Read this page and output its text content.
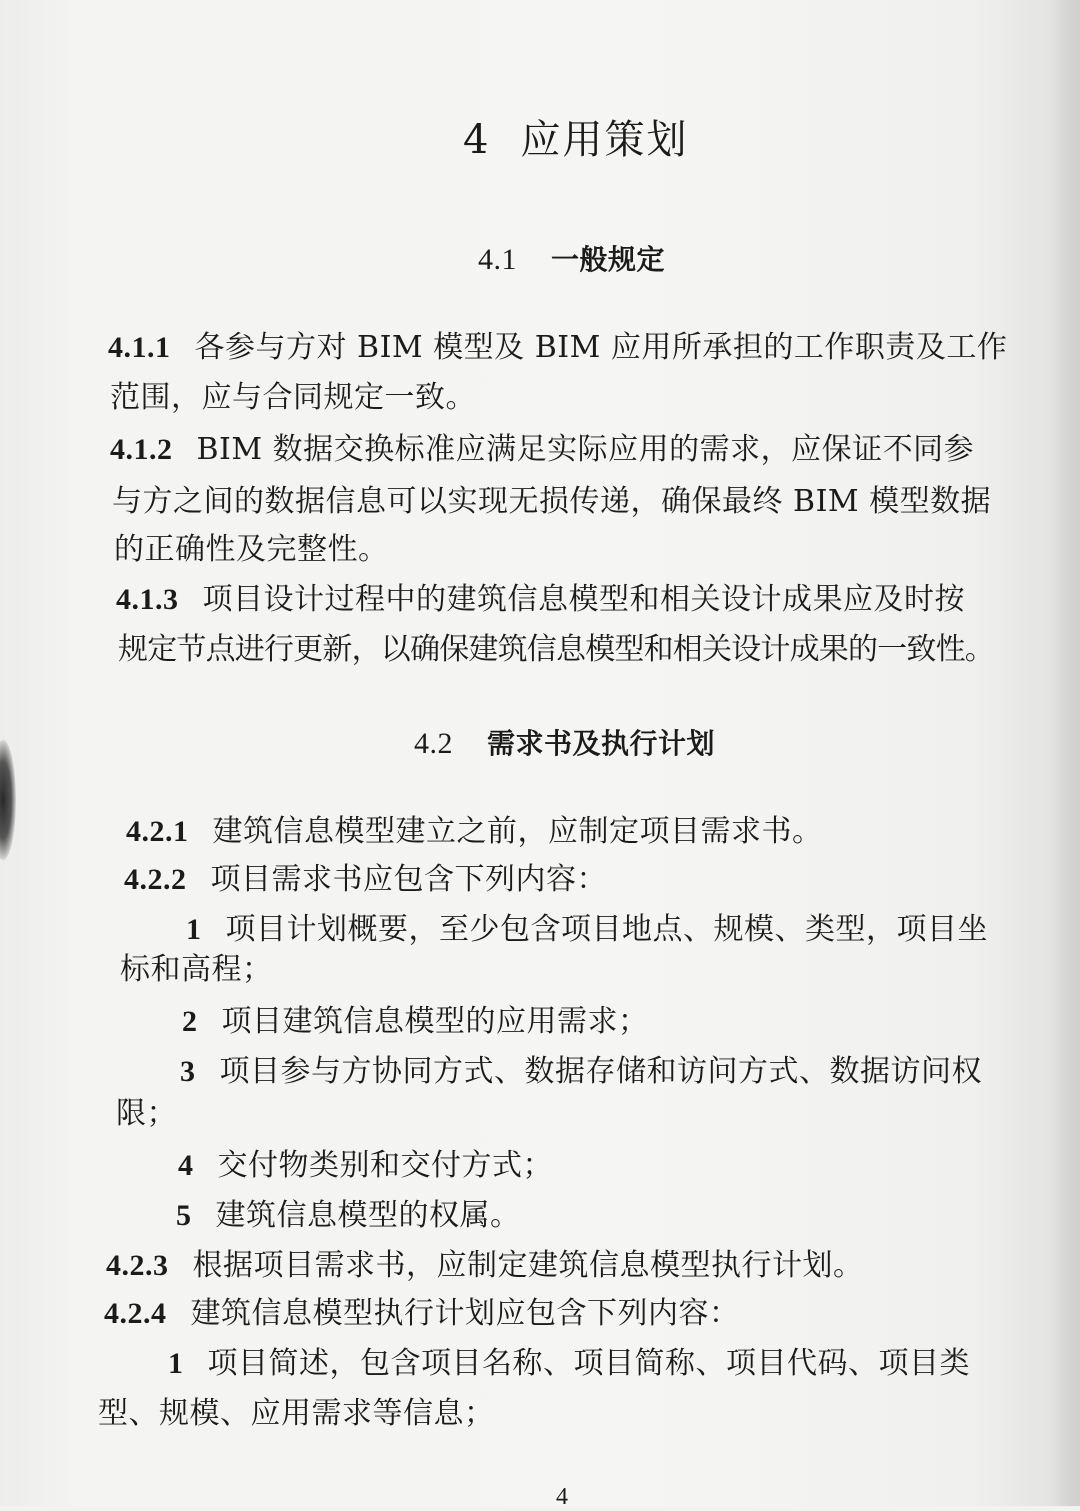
4 应用策划
4.1 一般规定
4.1.1 各参与方对 BIM 模型及 BIM 应用所承担的工作职责及工作
范围，应与合同规定一致。
4.1.2 BIM 数据交换标准应满足实际应用的需求，应保证不同参
与方之间的数据信息可以实现无损传递，确保最终 BIM 模型数据
的正确性及完整性。
4.1.3 项目设计过程中的建筑信息模型和相关设计成果应及时按
规定节点进行更新，以确保建筑信息模型和相关设计成果的一致性。
4.2 需求书及执行计划
4.2.1 建筑信息模型建立之前，应制定项目需求书。
4.2.2 项目需求书应包含下列内容：
1 项目计划概要，至少包含项目地点、规模、类型，项目坐
标和高程；
2 项目建筑信息模型的应用需求；
3 项目参与方协同方式、数据存储和访问方式、数据访问权
限；
4 交付物类别和交付方式；
5 建筑信息模型的权属。
4.2.3 根据项目需求书，应制定建筑信息模型执行计划。
4.2.4 建筑信息模型执行计划应包含下列内容：
1 项目简述，包含项目名称、项目简称、项目代码、项目类
型、规模、应用需求等信息；
4
